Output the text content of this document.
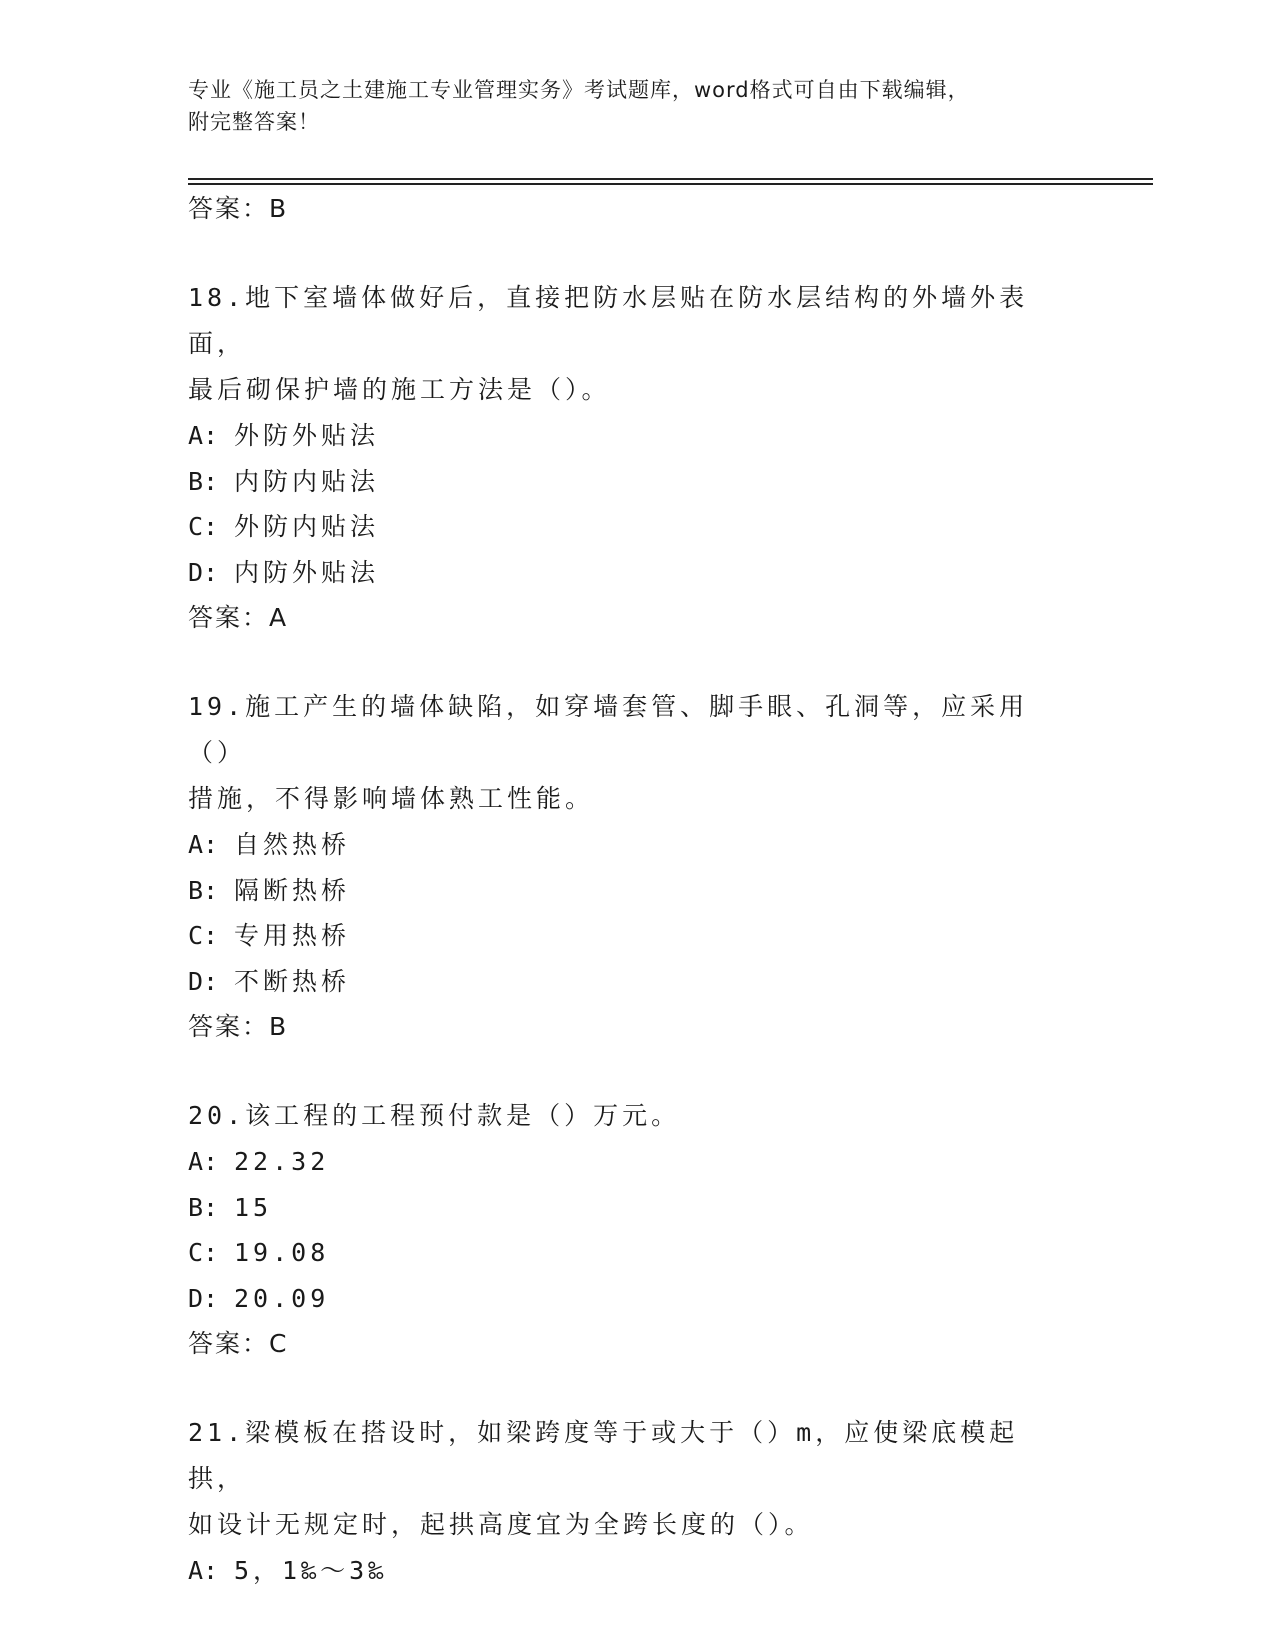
专业《施工员之土建施工专业管理实务》考试题库，word格式可自由下载编辑，
附完整答案！
答案：B
18.地下室墙体做好后，直接把防水层贴在防水层结构的外墙外表面，
最后砌保护墙的施工方法是（）。
A: 外防外贴法
B: 内防内贴法
C: 外防内贴法
D: 内防外贴法
答案：A
19.施工产生的墙体缺陷，如穿墙套管、脚手眼、孔洞等，应采用（）
措施，不得影响墙体熟工性能。
A: 自然热桥
B: 隔断热桥
C: 专用热桥
D: 不断热桥
答案：B
20.该工程的工程预付款是（）万元。
A: 22.32
B: 15
C: 19.08
D: 20.09
答案：C
21.梁模板在搭设时，如梁跨度等于或大于（）m，应使梁底模起拱，
如设计无规定时，起拱高度宜为全跨长度的（）。
A: 5，1‰～3‰
